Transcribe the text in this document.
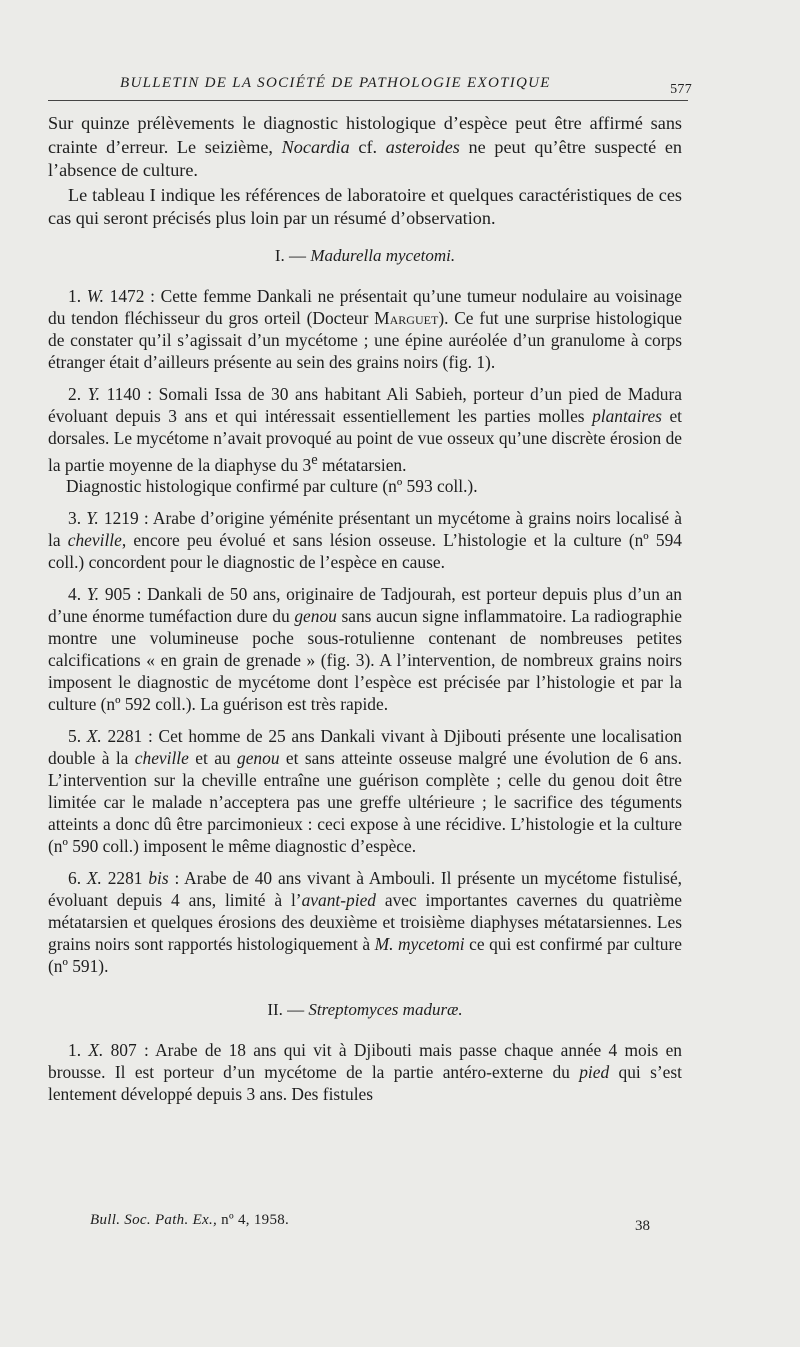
BULLETIN DE LA SOCIÉTÉ DE PATHOLOGIE EXOTIQUE	577

Sur quinze prélèvements le diagnostic histologique d’espèce peut être affirmé sans crainte d’erreur. Le seizième, Nocardia cf. asteroides ne peut qu’être suspecté en l’absence de culture.

Le tableau I indique les références de laboratoire et quelques caractéristiques de ces cas qui seront précisés plus loin par un résumé d’observation.

I. — Madurella mycetomi.

1. W. 1472 : Cette femme Dankali ne présentait qu’une tumeur nodulaire au voisinage du tendon fléchisseur du gros orteil (Docteur Marguet). Ce fut une surprise histologique de constater qu’il s’agissait d’un mycétome ; une épine auréolée d’un granulome à corps étranger était d’ailleurs présente au sein des grains noirs (fig. 1).

2. Y. 1140 : Somali Issa de 30 ans habitant Ali Sabieh, porteur d’un pied de Madura évoluant depuis 3 ans et qui intéressait essentiellement les parties molles plantaires et dorsales. Le mycétome n’avait provoqué au point de vue osseux qu’une discrète érosion de la partie moyenne de la diaphyse du 3e métatarsien.

Diagnostic histologique confirmé par culture (nº 593 coll.).

3. Y. 1219 : Arabe d’origine yéménite présentant un mycétome à grains noirs localisé à la cheville, encore peu évolué et sans lésion osseuse. L’histologie et la culture (nº 594 coll.) concordent pour le diagnostic de l’espèce en cause.

4. Y. 905 : Dankali de 50 ans, originaire de Tadjourah, est porteur depuis plus d’un an d’une énorme tuméfaction dure du genou sans aucun signe inflammatoire. La radiographie montre une volumineuse poche sous-rotulienne contenant de nombreuses petites calcifications « en grain de grenade » (fig. 3). A l’intervention, de nombreux grains noirs imposent le diagnostic de mycétome dont l’espèce est précisée par l’histologie et par la culture (nº 592 coll.). La guérison est très rapide.

5. X. 2281 : Cet homme de 25 ans Dankali vivant à Djibouti présente une localisation double à la cheville et au genou et sans atteinte osseuse malgré une évolution de 6 ans. L’intervention sur la cheville entraîne une guérison complète ; celle du genou doit être limitée car le malade n’accepterа pas une greffe ultérieure ; le sacrifice des téguments atteints a donc dû être parcimonieux : ceci expose à une récidive. L’histologie et la culture (nº 590 coll.) imposent le même diagnostic d’espèce.

6. X. 2281 bis : Arabe de 40 ans vivant à Ambouli. Il présente un mycétome fistulisé, évoluant depuis 4 ans, limité à l’avant-pied avec importantes cavernes du quatrième métatarsien et quelques érosions des deuxième et troisième diaphyses métatarsiennes. Les grains noirs sont rapportés histologiquement à M. mycetomi ce qui est confirmé par culture (nº 591).

II. — Streptomyces maduræ.

1. X. 807 : Arabe de 18 ans qui vit à Djibouti mais passe chaque année 4 mois en brousse. Il est porteur d’un mycétome de la partie antéro-externe du pied qui s’est lentement développé depuis 3 ans. Des fistules

Bull. Soc. Path. Ex., nº 4, 1958.	38
